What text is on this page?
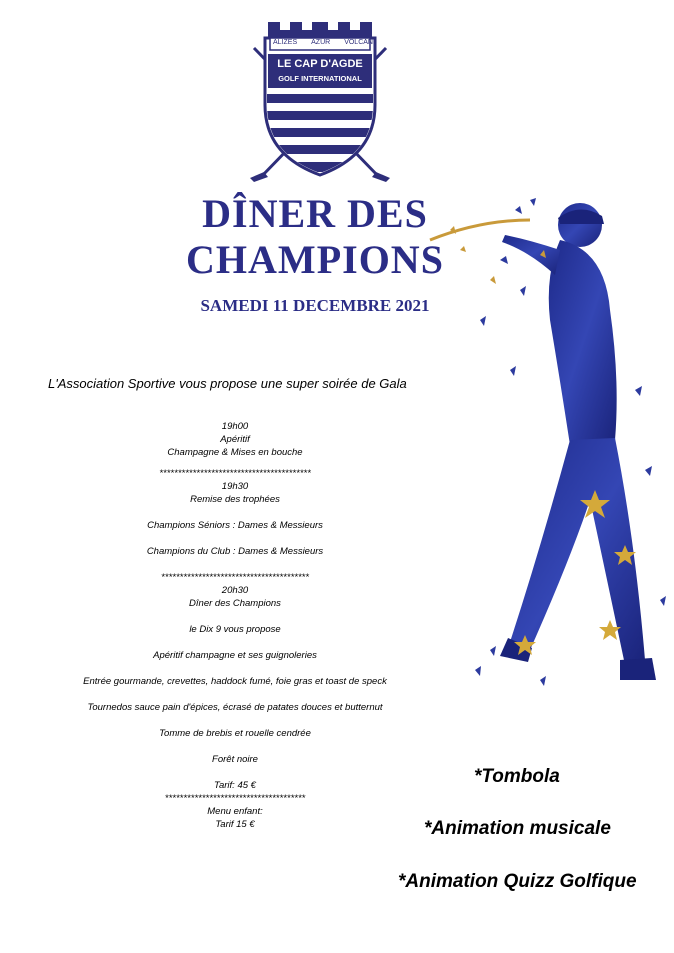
ALIZES AZUR VOLCAN
LE CAP D'AGDE
GOLF INTERNATIONAL
DÎNER DES
CHAMPIONS
SAMEDI 11 DECEMBRE 2021
L'Association Sportive vous propose une super soirée de Gala
19h00
Apéritif
Champagne & Mises en bouche
*****************************************
19h30
Remise des trophées
Champions Séniors : Dames & Messieurs
Champions du Club : Dames & Messieurs
****************************************
20h30
Dîner des Champions
le Dix 9 vous propose
Apéritif champagne et ses guignoleries
Entrée gourmande, crevettes, haddock fumé, foie gras et toast de speck
Tournedos sauce pain d'épices, écrasé de patates douces et butternut
Tomme de brebis et rouelle cendrée
Forêt noire
Tarif: 45 €
**************************************
Menu enfant:
Tarif 15 €
*Tombola
*Animation musicale
*Animation Quizz Golfique
